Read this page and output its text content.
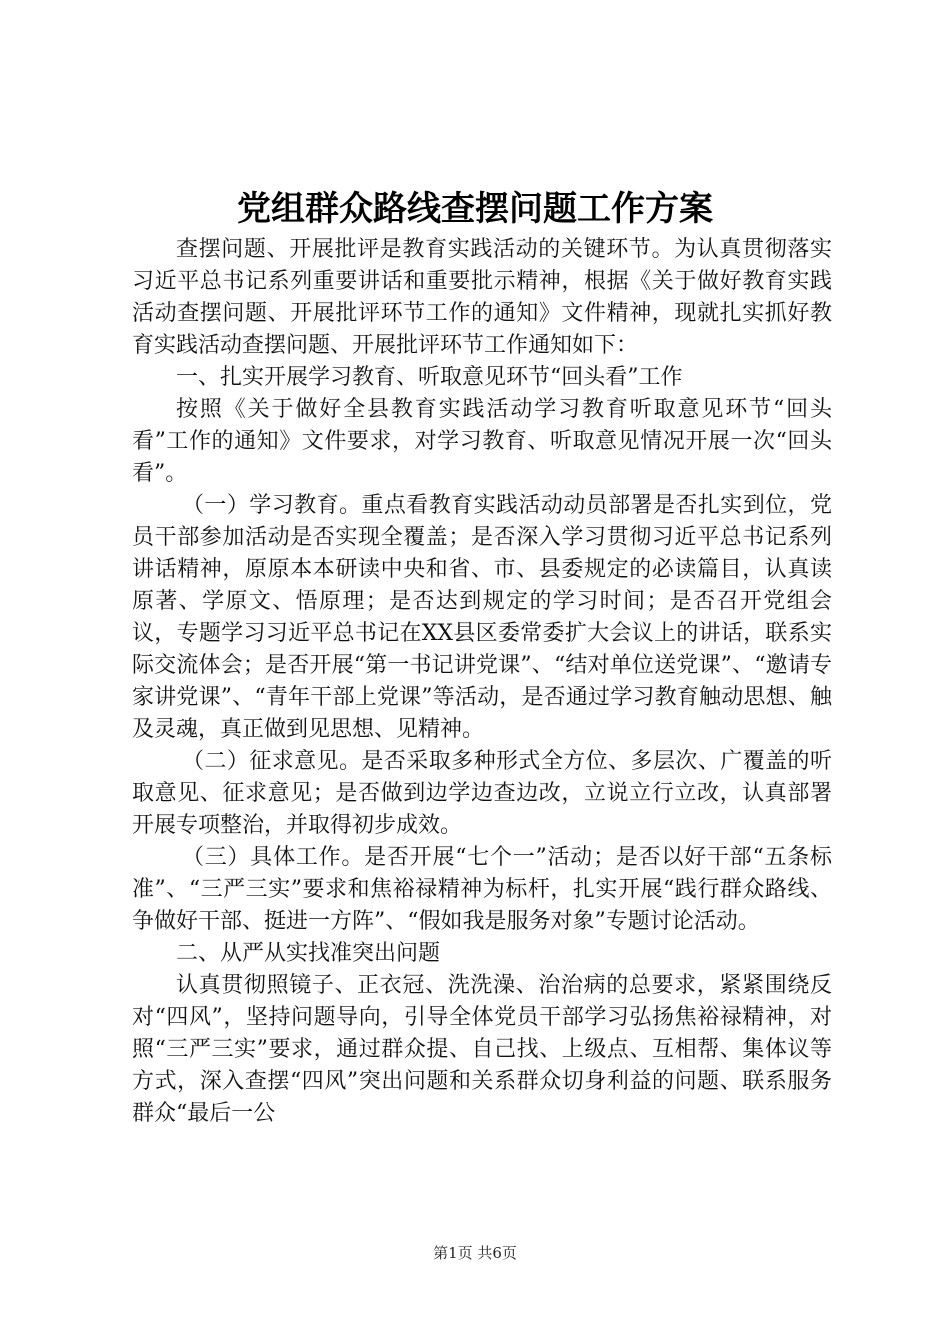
党组群众路线查摆问题工作方案

查摆问题、开展批评是教育实践活动的关键环节。为认真贯彻落实习近平总书记系列重要讲话和重要批示精神，根据《关于做好教育实践活动查摆问题、开展批评环节工作的通知》文件精神，现就扎实抓好教育实践活动查摆问题、开展批评环节工作通知如下：

一、扎实开展学习教育、听取意见环节“回头看”工作

按照《关于做好全县教育实践活动学习教育听取意见环节“回头看”工作的通知》文件要求，对学习教育、听取意见情况开展一次“回头看”。

（一）学习教育。重点看教育实践活动动员部署是否扎实到位，党员干部参加活动是否实现全覆盖；是否深入学习贯彻习近平总书记系列讲话精神，原原本本研读中央和省、市、县委规定的必读篇目，认真读原著、学原文、悟原理；是否达到规定的学习时间；是否召开党组会议，专题学习习近平总书记在XX县区委常委扩大会议上的讲话，联系实际交流体会；是否开展“第一书记讲党课”、“结对单位送党课”、“邀请专家讲党课”、“青年干部上党课”等活动，是否通过学习教育触动思想、触及灵魂，真正做到见思想、见精神。

（二）征求意见。是否采取多种形式全方位、多层次、广覆盖的听取意见、征求意见；是否做到边学边查边改，立说立行立改，认真部署开展专项整治，并取得初步成效。

（三）具体工作。是否开展“七个一”活动；是否以好干部“五条标准”、“三严三实”要求和焦裕禄精神为标杆，扎实开展“践行群众路线、争做好干部、挺进一方阵”、“假如我是服务对象”专题讨论活动。

二、从严从实找准突出问题

认真贯彻照镜子、正衣冠、洗洗澡、治治病的总要求，紧紧围绕反对“四风”，坚持问题导向，引导全体党员干部学习弘扬焦裕禄精神，对照“三严三实”要求，通过群众提、自己找、上级点、互相帮、集体议等方式，深入查摆“四风”突出问题和关系群众切身利益的问题、联系服务群众“最后一公

第1页 共6页
